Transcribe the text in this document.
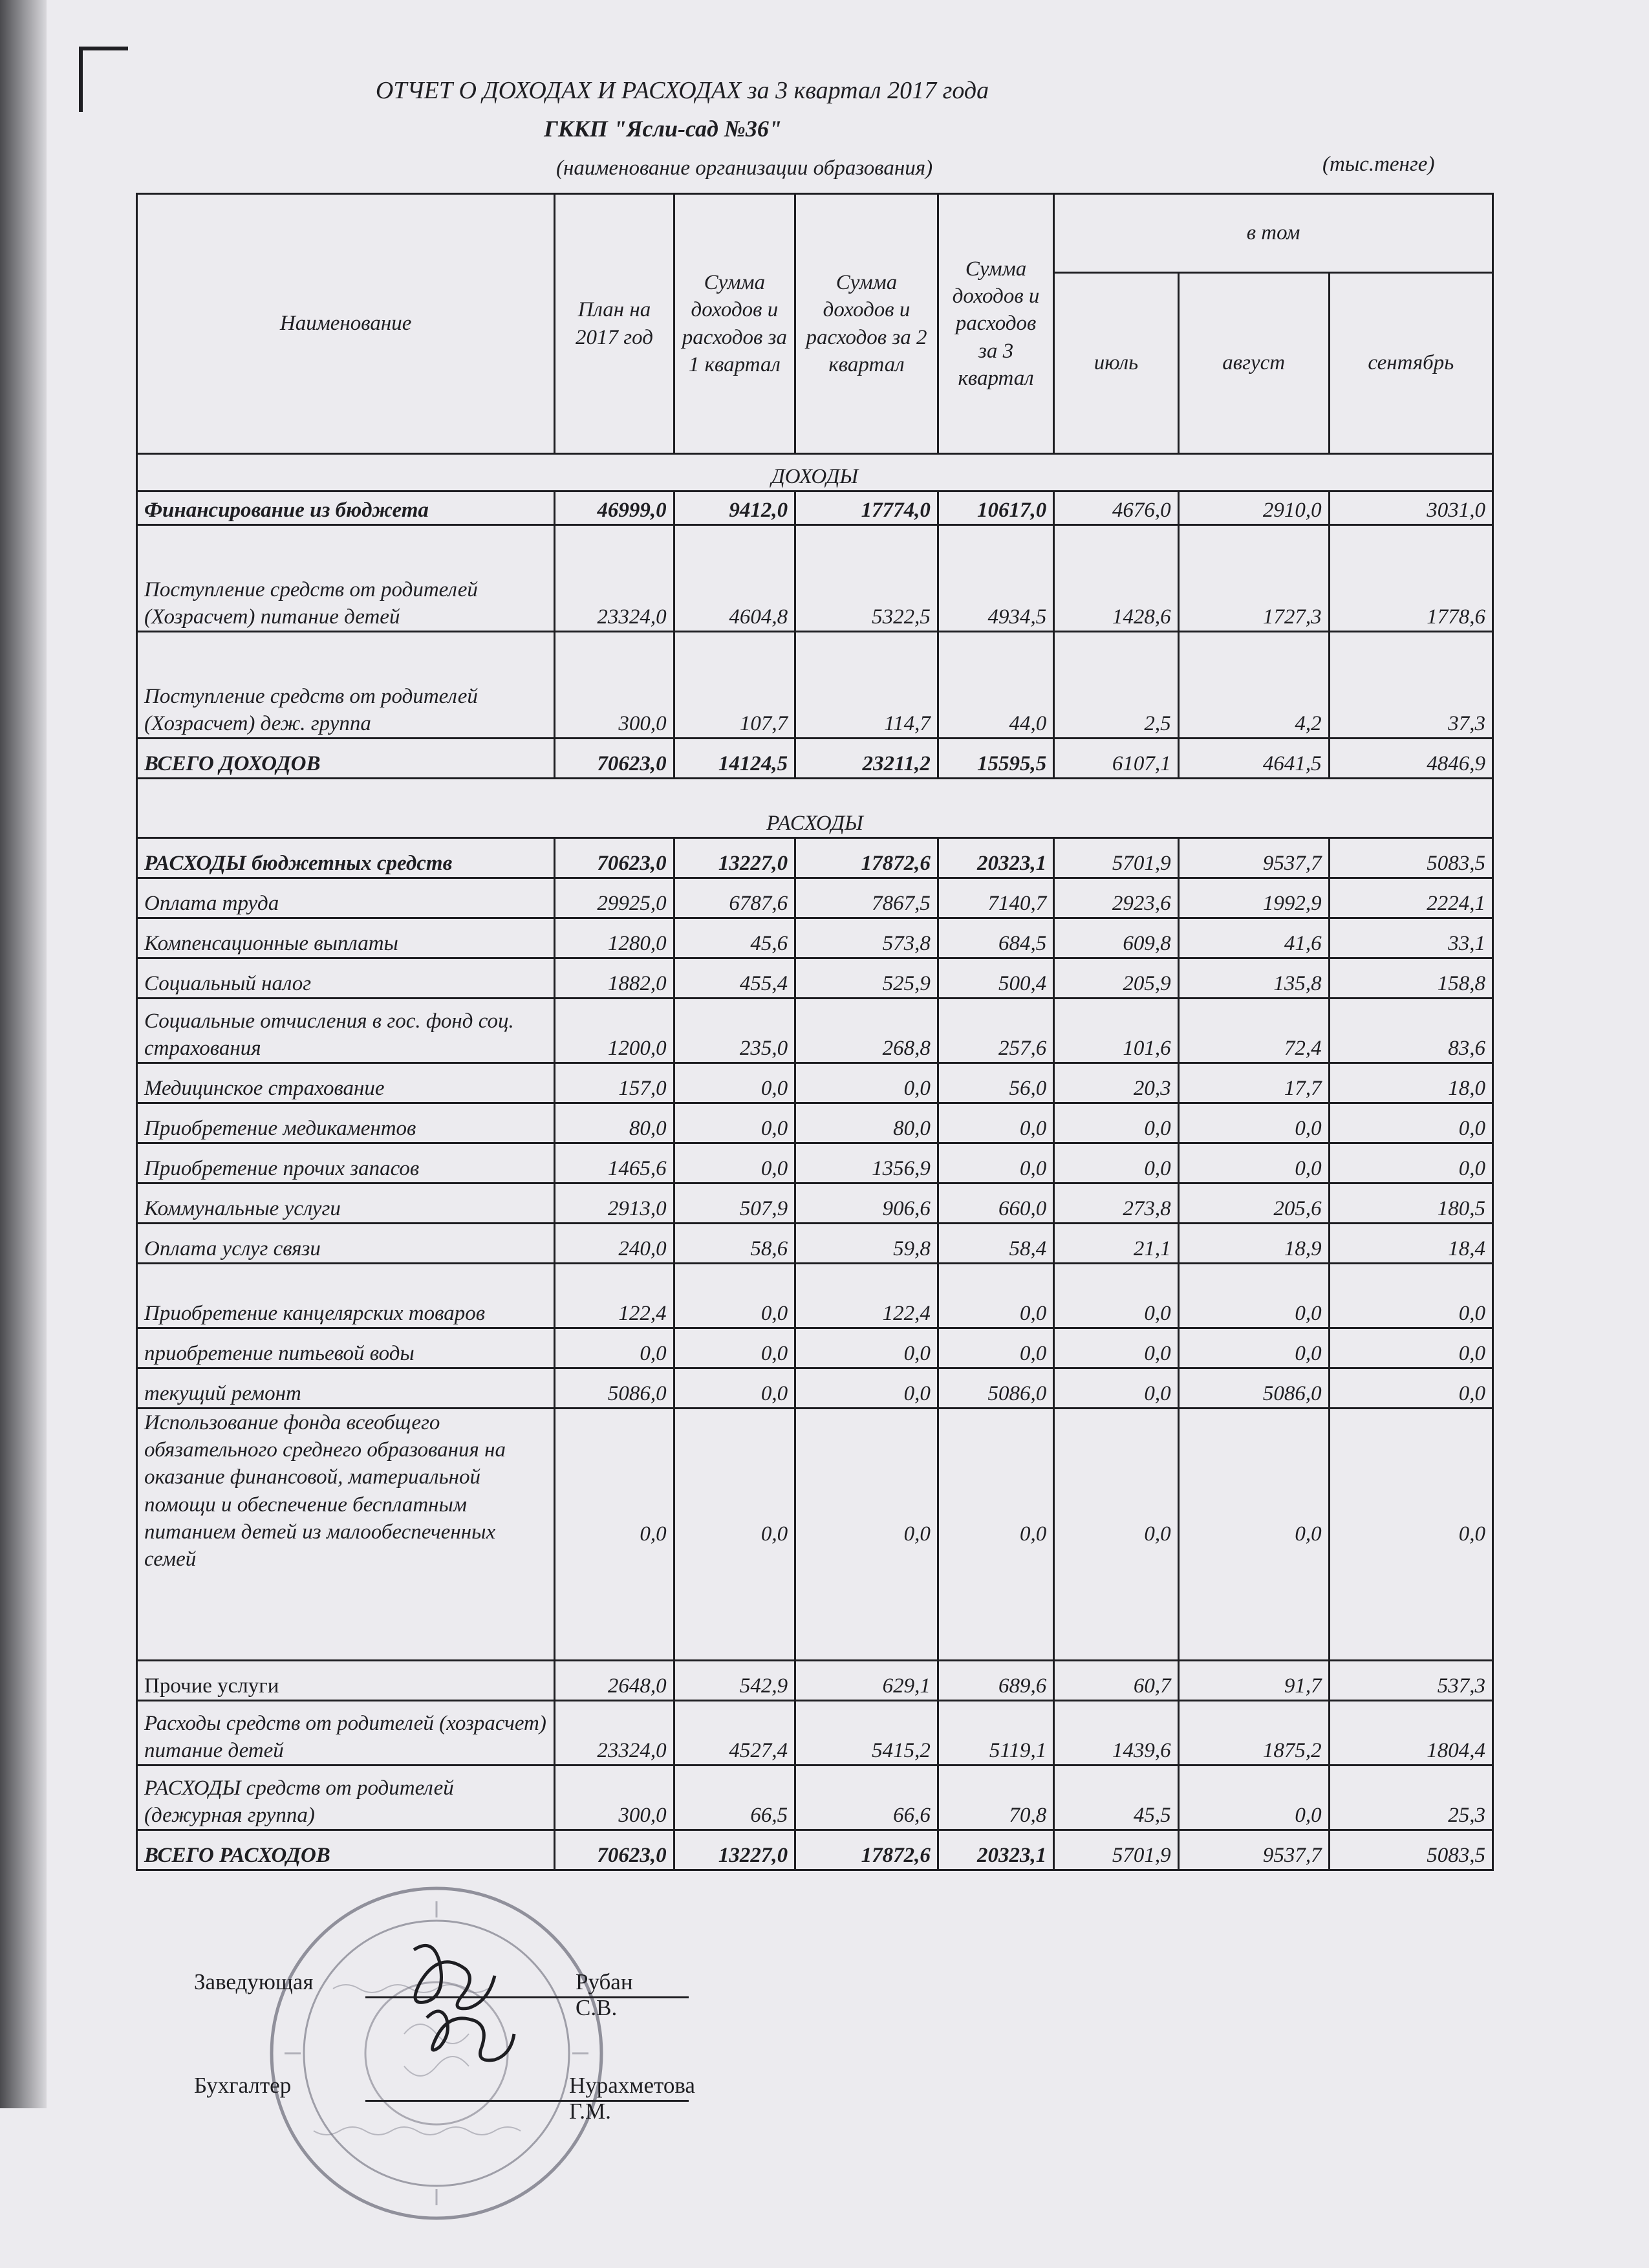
ОТЧЕТ О ДОХОДАХ И РАСХОДАХ за 3 квартал 2017 года
ГККП "Ясли-сад №36"
(наименование организации образования)	(тыс.тенге)
Наименование	План на 2017 год	Сумма доходов и расходов за 1 квартал	Сумма доходов и расходов за 2 квартал	Сумма доходов и расходов за 3 квартал	в том		
					июль	август	сентябрь
ДОХОДЫ							
Финансирование из бюджета	46999,0	9412,0	17774,0	10617,0	4676,0	2910,0	3031,0
Поступление средств от родителей (Хозрасчет) питание детей	23324,0	4604,8	5322,5	4934,5	1428,6	1727,3	1778,6
Поступление средств от родителей (Хозрасчет) деж. группа	300,0	107,7	114,7	44,0	2,5	4,2	37,3
ВСЕГО ДОХОДОВ	70623,0	14124,5	23211,2	15595,5	6107,1	4641,5	4846,9
РАСХОДЫ							
РАСХОДЫ бюджетных средств	70623,0	13227,0	17872,6	20323,1	5701,9	9537,7	5083,5
Оплата труда	29925,0	6787,6	7867,5	7140,7	2923,6	1992,9	2224,1
Компенсационные выплаты	1280,0	45,6	573,8	684,5	609,8	41,6	33,1
Социальный налог	1882,0	455,4	525,9	500,4	205,9	135,8	158,8
Социальные отчисления в гос. фонд соц. страхования	1200,0	235,0	268,8	257,6	101,6	72,4	83,6
Медицинское страхование	157,0	0,0	0,0	56,0	20,3	17,7	18,0
Приобретение медикаментов	80,0	0,0	80,0	0,0	0,0	0,0	0,0
Приобретение прочих запасов	1465,6	0,0	1356,9	0,0	0,0	0,0	0,0
Коммунальные услуги	2913,0	507,9	906,6	660,0	273,8	205,6	180,5
Оплата услуг связи	240,0	58,6	59,8	58,4	21,1	18,9	18,4
Приобретение канцелярских товаров	122,4	0,0	122,4	0,0	0,0	0,0	0,0
приобретение питьевой воды	0,0	0,0	0,0	0,0	0,0	0,0	0,0
текущий ремонт	5086,0	0,0	0,0	5086,0	0,0	5086,0	0,0
Использование фонда всеобщего обязательного среднего образования на оказание финансовой, материальной помощи и обеспечение бесплатным питанием детей из малообеспеченных семей	0,0	0,0	0,0	0,0	0,0	0,0	0,0
Прочие услуги	2648,0	542,9	629,1	689,6	60,7	91,7	537,3
Расходы средств от родителей (хозрасчет) питание детей	23324,0	4527,4	5415,2	5119,1	1439,6	1875,2	1804,4
РАСХОДЫ средств от родителей (дежурная группа)	300,0	66,5	66,6	70,8	45,5	0,0	25,3
ВСЕГО РАСХОДОВ	70623,0	13227,0	17872,6	20323,1	5701,9	9537,7	5083,5
Заведующая	Рубан С.В.
Бухгалтер	Нурахметова Г.М.
